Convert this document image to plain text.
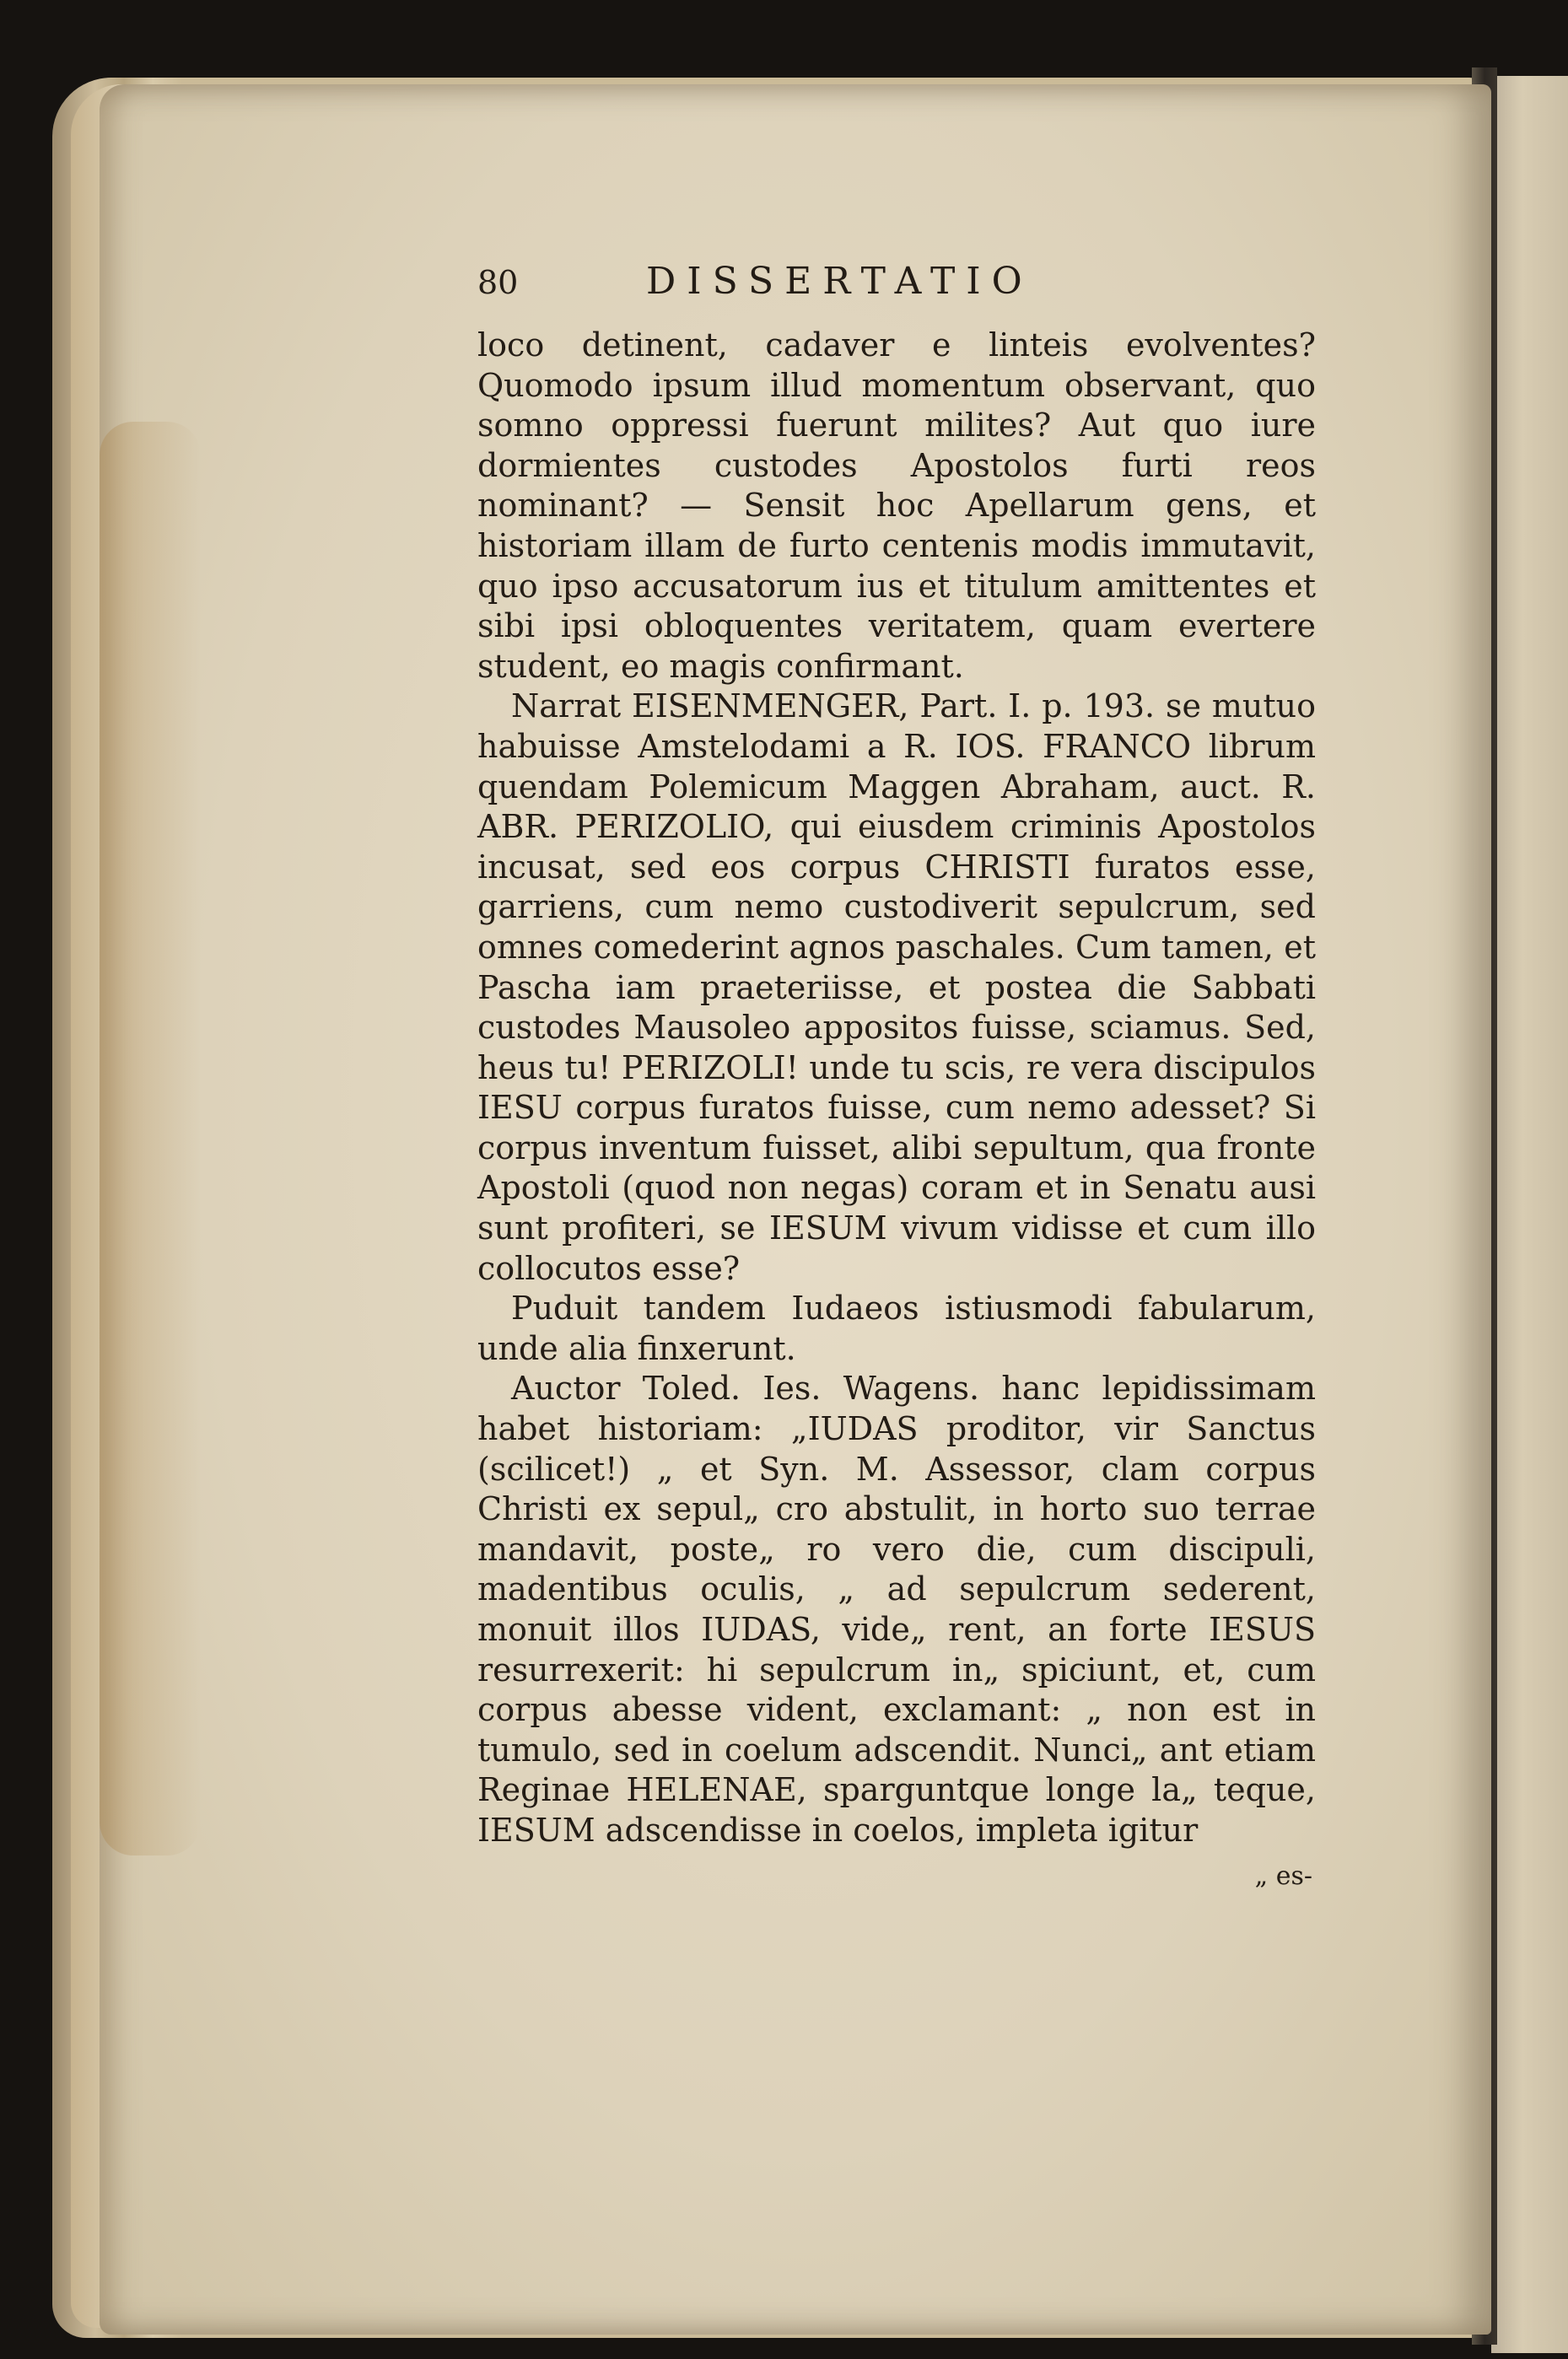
80	DISSERTATIO

loco detinent, cadaver e linteis evolventes? Quomodo ipsum illud momentum observant, quo somno oppressi fuerunt milites? Aut quo iure dormientes custodes Apostolos furti reos nominant? — Sensit hoc Apellarum gens, et historiam illam de furto centenis modis immutavit, quo ipso accusatorum ius et titulum amittentes et sibi ipsi obloquentes veritatem, quam evertere student, eo magis confirmant.

Narrat EISENMENGER, Part. I. p. 193. se mutuo habuisse Amstelodami a R. IOS. FRANCO librum quendam Polemicum Maggen Abraham, auct. R. ABR. PERIZOLIO, qui eiusdem criminis Apostolos incusat, sed eos corpus CHRISTI furatos esse, garriens, cum nemo custodiverit sepulcrum, sed omnes comederint agnos paschales. Cum tamen, et Pascha iam praeteriisse, et postea die Sabbati custodes Mausoleo appositos fuisse, sciamus. Sed, heus tu! PERIZOLI! unde tu scis, re vera discipulos IESU corpus furatos fuisse, cum nemo adesset? Si corpus inventum fuisset, alibi sepultum, qua fronte Apostoli (quod non negas) coram et in Senatu ausi sunt profiteri, se IESUM vivum vidisse et cum illo collocutos esse?

Puduit tandem Iudaeos istiusmodi fabularum, unde alia finxerunt.

Auctor Toled. Ies. Wagens. hanc lepidissimam habet historiam: „IUDAS proditor, vir Sanctus (scilicet!) „ et Syn. M. Assessor, clam corpus Christi ex sepul„ cro abstulit, in horto suo terrae mandavit, poste„ ro vero die, cum discipuli, madentibus oculis, „ ad sepulcrum sederent, monuit illos IUDAS, vide„ rent, an forte IESUS resurrexerit: hi sepulcrum in„ spiciunt, et, cum corpus abesse vident, exclamant: „ non est in tumulo, sed in coelum adscendit. Nunci„ ant etiam Reginae HELENAE, sparguntque longe la„ teque, IESUM adscendisse in coelos, impleta igitur

„ es-
